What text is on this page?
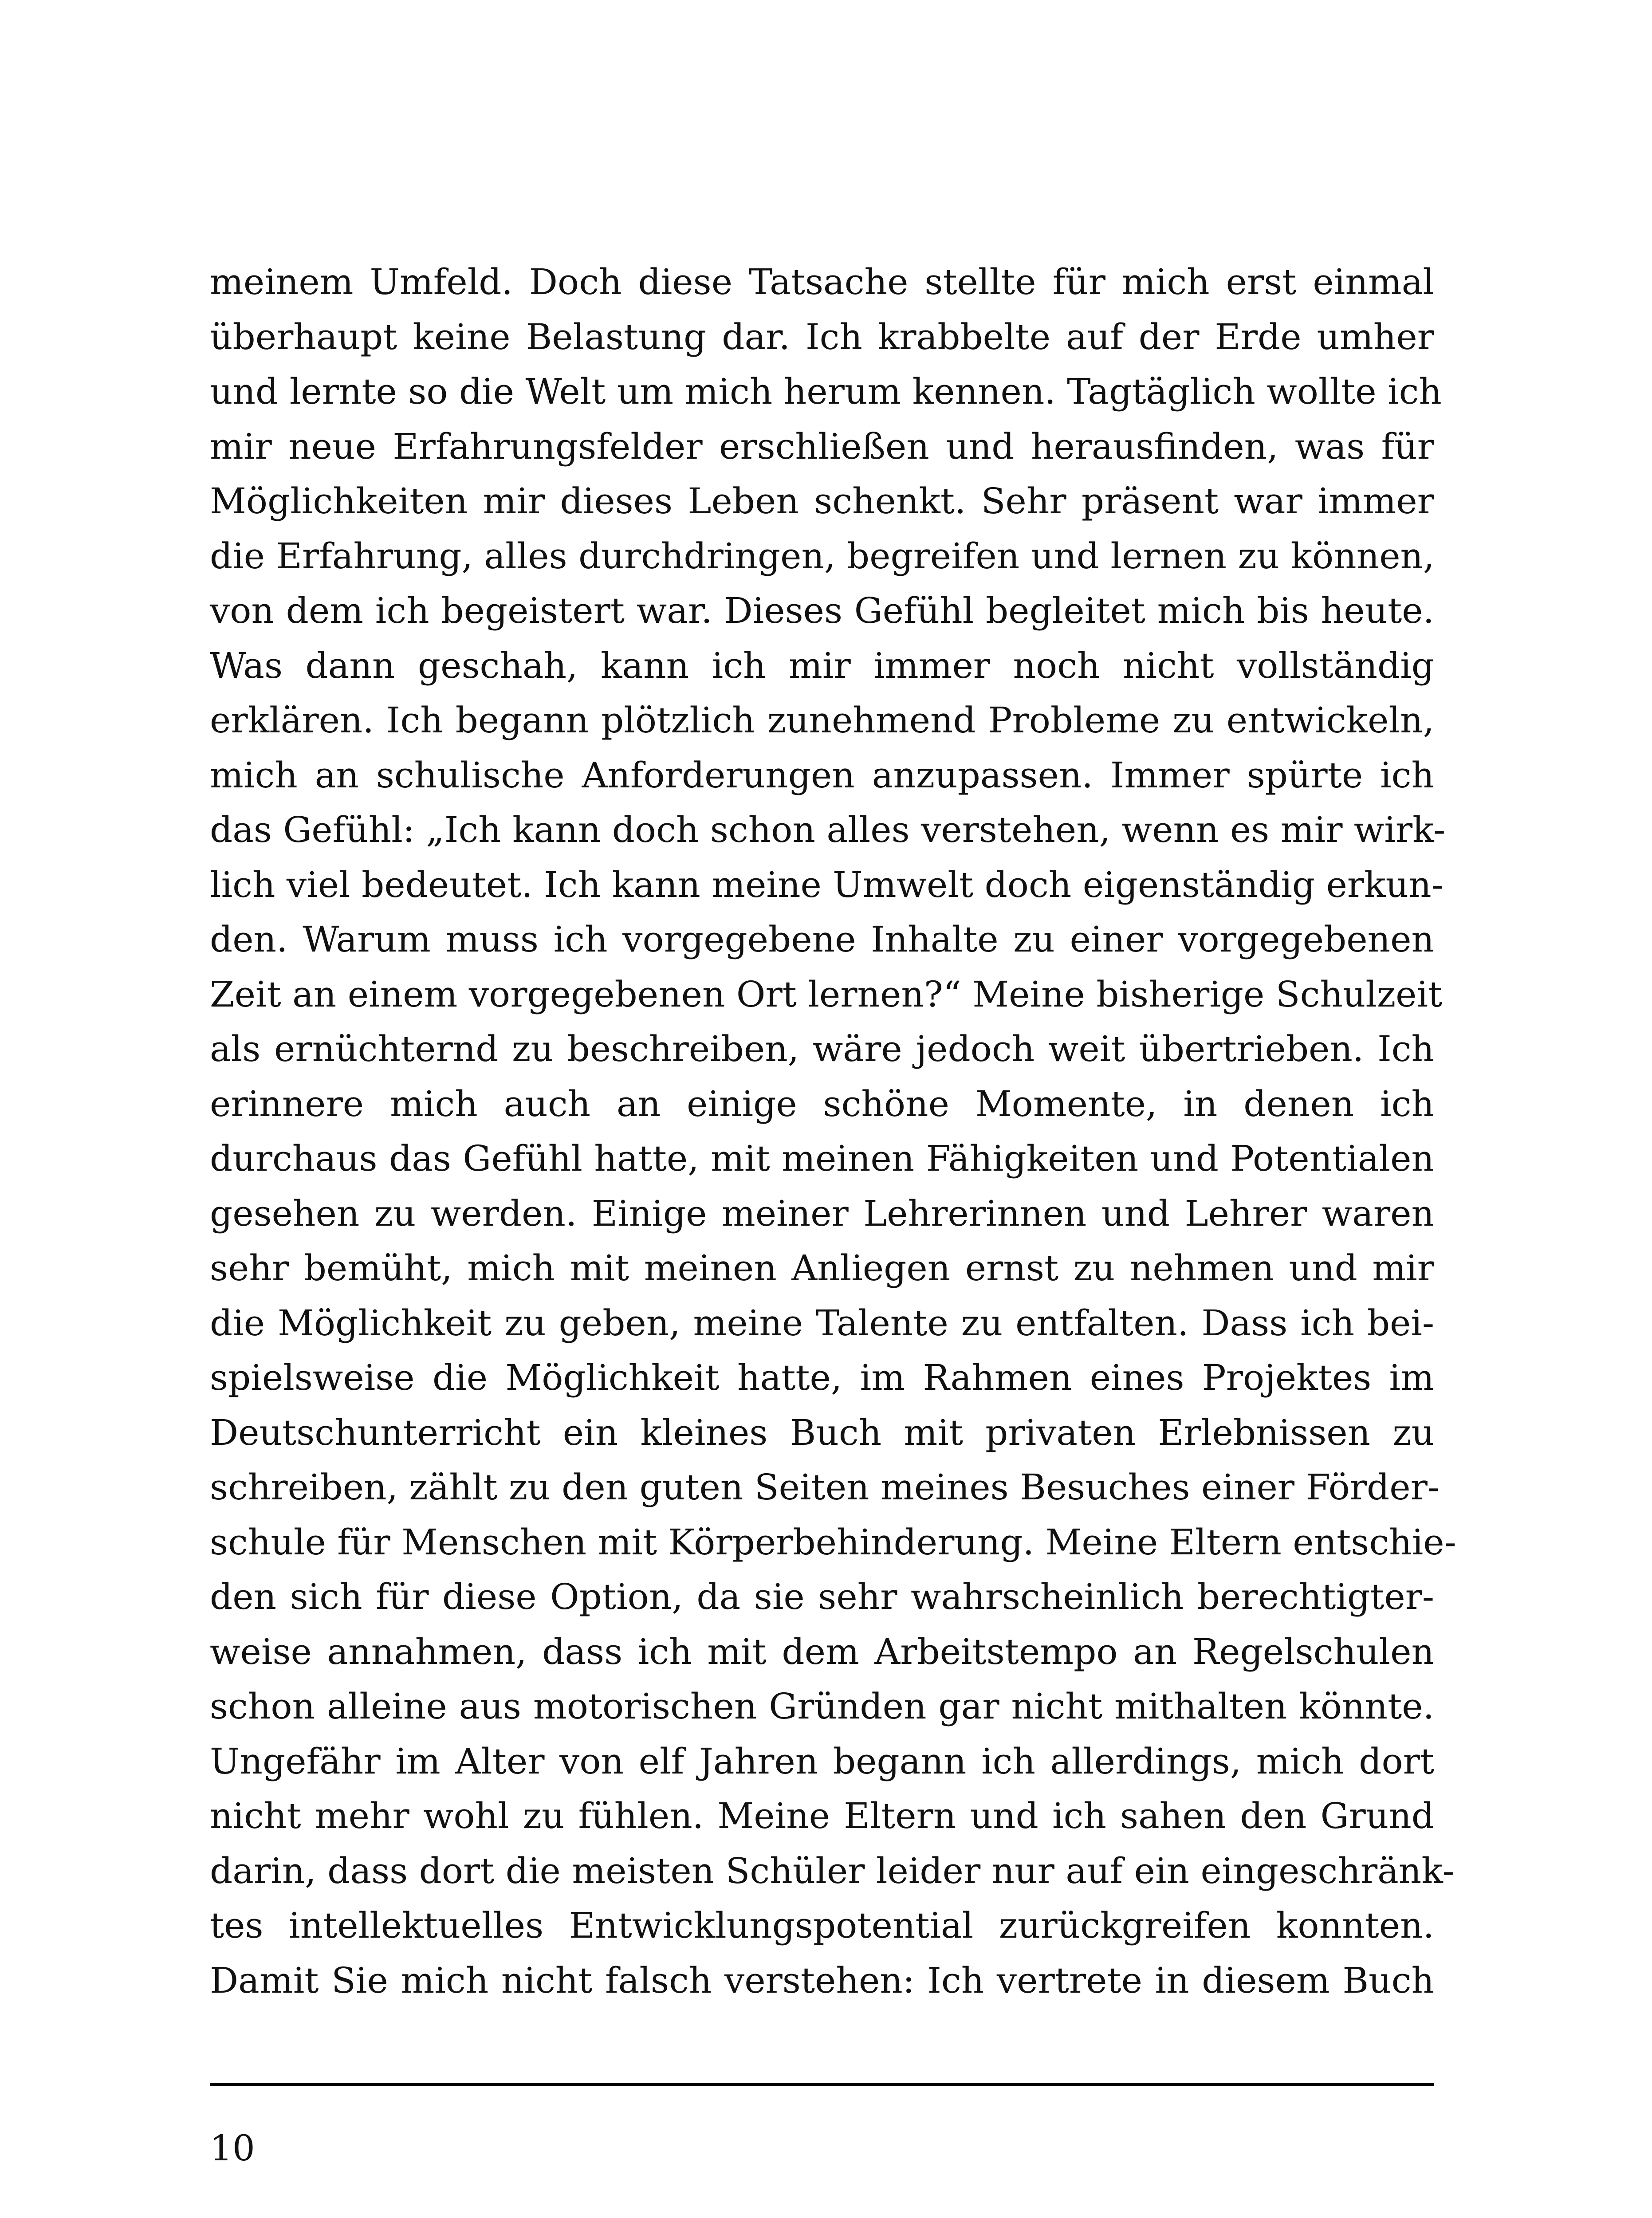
meinem Umfeld. Doch diese Tatsache stellte für mich erst einmal
überhaupt keine Belastung dar. Ich krabbelte auf der Erde umher
und lernte so die Welt um mich herum kennen. Tagtäglich wollte ich
mir neue Erfahrungsfelder erschließen und herausfinden, was für
Möglichkeiten mir dieses Leben schenkt. Sehr präsent war immer
die Erfahrung, alles durchdringen, begreifen und lernen zu können,
von dem ich begeistert war. Dieses Gefühl begleitet mich bis heute.
Was dann geschah, kann ich mir immer noch nicht vollständig
erklären. Ich begann plötzlich zunehmend Probleme zu entwickeln,
mich an schulische Anforderungen anzupassen. Immer spürte ich
das Gefühl: „Ich kann doch schon alles verstehen, wenn es mir wirk-
lich viel bedeutet. Ich kann meine Umwelt doch eigenständig erkun-
den. Warum muss ich vorgegebene Inhalte zu einer vorgegebenen
Zeit an einem vorgegebenen Ort lernen?“ Meine bisherige Schulzeit
als ernüchternd zu beschreiben, wäre jedoch weit übertrieben. Ich
erinnere mich auch an einige schöne Momente, in denen ich
durchaus das Gefühl hatte, mit meinen Fähigkeiten und Potentialen
gesehen zu werden. Einige meiner Lehrerinnen und Lehrer waren
sehr bemüht, mich mit meinen Anliegen ernst zu nehmen und mir
die Möglichkeit zu geben, meine Talente zu entfalten. Dass ich bei-
spielsweise die Möglichkeit hatte, im Rahmen eines Projektes im
Deutschunterricht ein kleines Buch mit privaten Erlebnissen zu
schreiben, zählt zu den guten Seiten meines Besuches einer Förder-
schule für Menschen mit Körperbehinderung. Meine Eltern entschie-
den sich für diese Option, da sie sehr wahrscheinlich berechtigter-
weise annahmen, dass ich mit dem Arbeitstempo an Regelschulen
schon alleine aus motorischen Gründen gar nicht mithalten könnte.
Ungefähr im Alter von elf Jahren begann ich allerdings, mich dort
nicht mehr wohl zu fühlen. Meine Eltern und ich sahen den Grund
darin, dass dort die meisten Schüler leider nur auf ein eingeschränk-
tes intellektuelles Entwicklungspotential zurückgreifen konnten.
Damit Sie mich nicht falsch verstehen: Ich vertrete in diesem Buch
10
